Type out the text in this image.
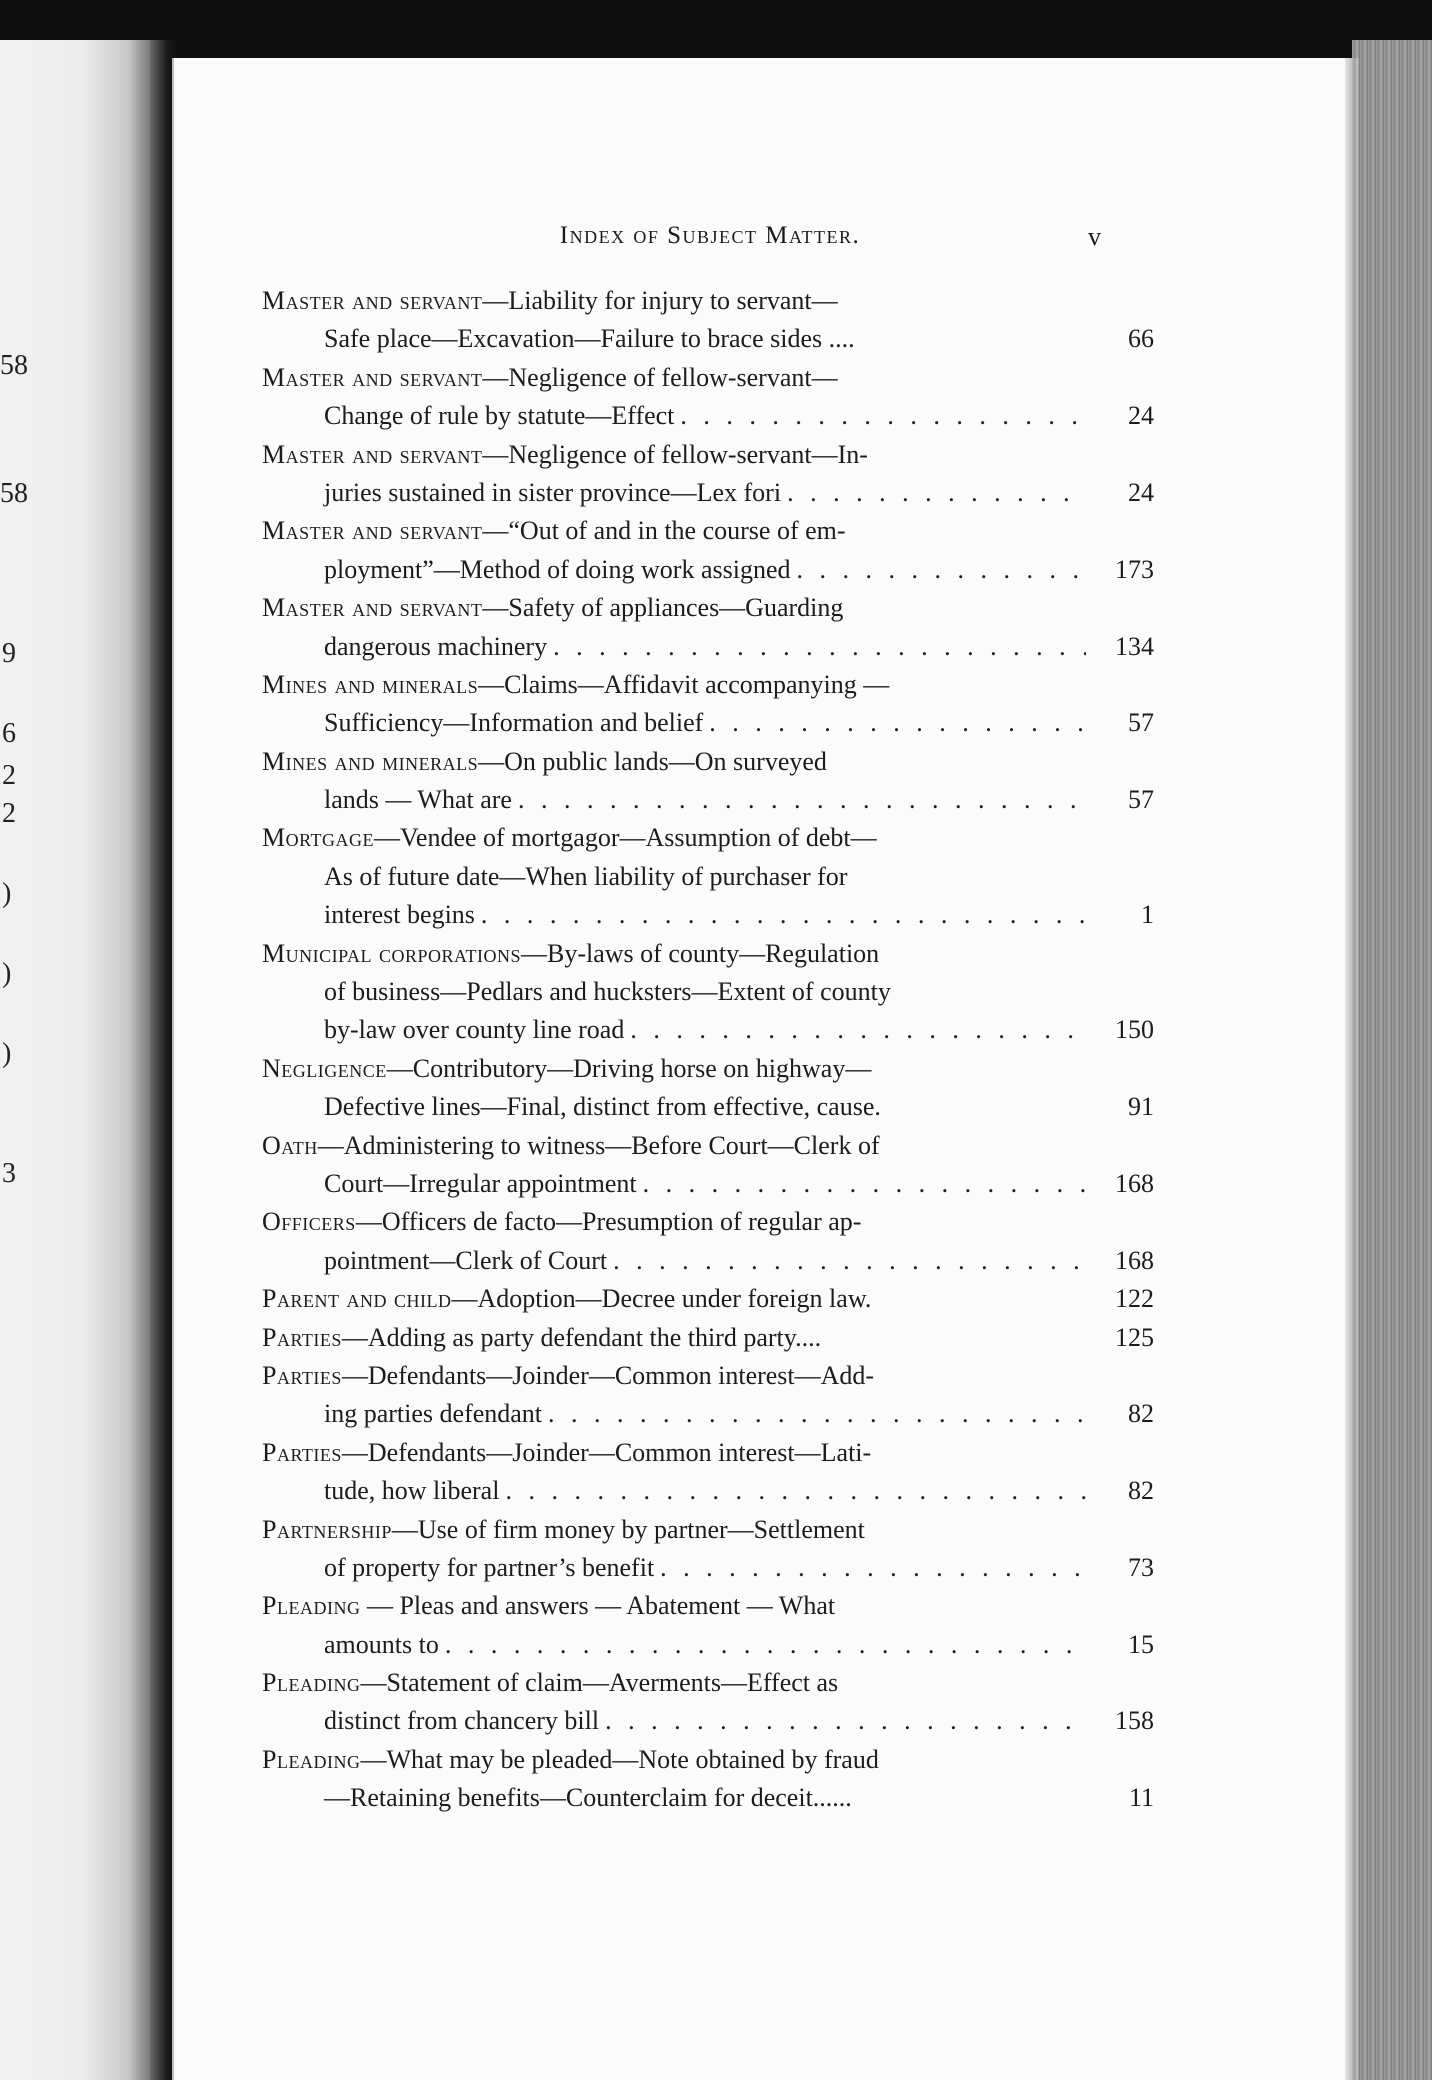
58
58
9
6
2
2
)
)
)
3
Index of Subject Matter.	v
Master and servant—Liability for injury to servant—
Safe place—Excavation—Failure to brace sides ....	66
Master and servant—Negligence of fellow-servant—
Change of rule by statute—Effect . . .	24
Master and servant—Negligence of fellow-servant—In-
juries sustained in sister province—Lex fori . . .	24
Master and servant—“Out of and in the course of em-
ployment”—Method of doing work assigned . . .	173
Master and servant—Safety of appliances—Guarding
dangerous machinery . . .	134
Mines and minerals—Claims—Affidavit accompanying —
Sufficiency—Information and belief . . .	57
Mines and minerals—On public lands—On surveyed
lands — What are . . .	57
Mortgage—Vendee of mortgagor—Assumption of debt—
As of future date—When liability of purchaser for
interest begins . . .	1
Municipal corporations—By-laws of county—Regulation
of business—Pedlars and hucksters—Extent of county
by-law over county line road . . .	150
Negligence—Contributory—Driving horse on highway—
Defective lines—Final, distinct from effective, cause.	91
Oath—Administering to witness—Before Court—Clerk of
Court—Irregular appointment . . .	168
Officers—Officers de facto—Presumption of regular ap-
pointment—Clerk of Court . . .	168
Parent and child—Adoption—Decree under foreign law.	122
Parties—Adding as party defendant the third party....	125
Parties—Defendants—Joinder—Common interest—Add-
ing parties defendant . . .	82
Parties—Defendants—Joinder—Common interest—Lati-
tude, how liberal . . .	82
Partnership—Use of firm money by partner—Settlement
of property for partner’s benefit . . .	73
Pleading — Pleas and answers — Abatement — What
amounts to . . .	15
Pleading—Statement of claim—Averments—Effect as
distinct from chancery bill . . .	158
Pleading—What may be pleaded—Note obtained by fraud
—Retaining benefits—Counterclaim for deceit......	11
